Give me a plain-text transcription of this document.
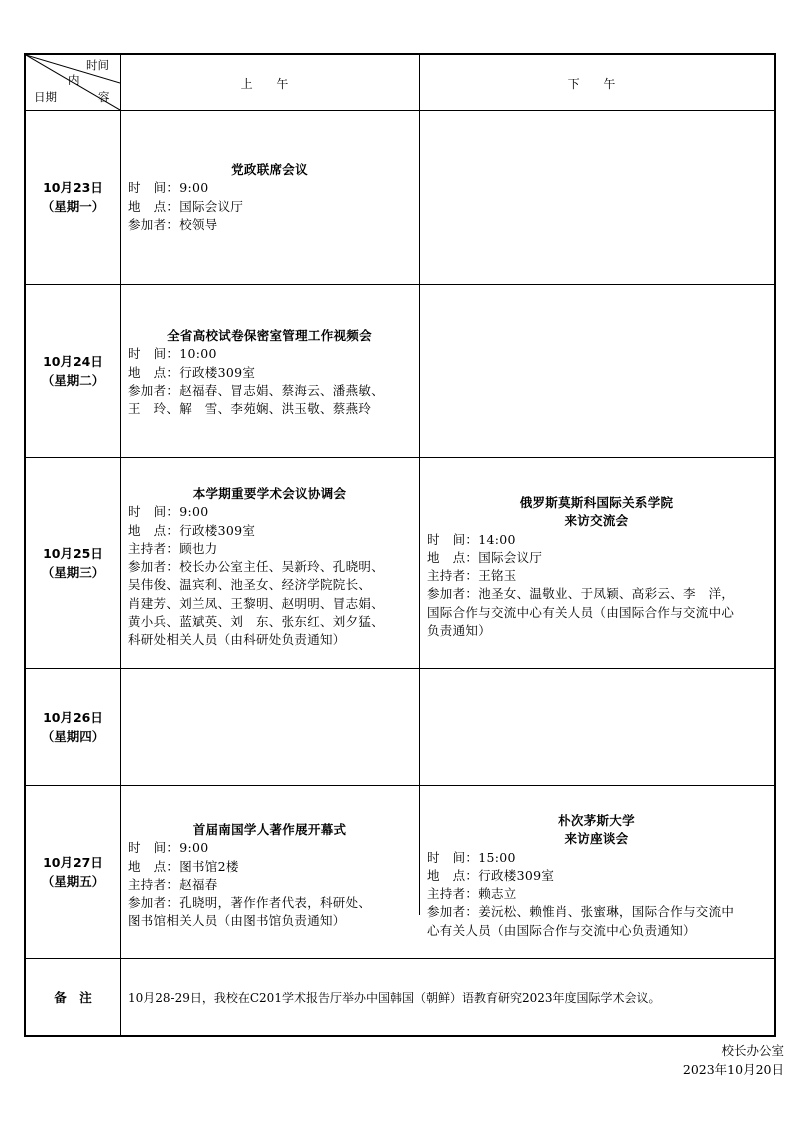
时间
内
容
日期
上 午	下 午
10月23日
（星期一）
党政联席会议
时　间：9:00
地　点：国际会议厅
参加者：校领导
10月24日
（星期二）
全省高校试卷保密室管理工作视频会
时　间：10:00
地　点：行政楼309室
参加者：赵福春、冒志娟、蔡海云、潘燕敏、
王　玲、解　雪、李苑娴、洪玉敬、蔡燕玲
10月25日
（星期三）
本学期重要学术会议协调会
时　间：9:00
地　点：行政楼309室
主持者：顾也力
参加者：校长办公室主任、吴新玲、孔晓明、
吴伟俊、温宾利、池圣女、经济学院院长、
肖建芳、刘兰凤、王黎明、赵明明、冒志娟、
黄小兵、蓝斌英、刘　东、张东红、刘夕猛、
科研处相关人员（由科研处负责通知）
俄罗斯莫斯科国际关系学院
来访交流会
时　间：14:00
地　点：国际会议厅
主持者：王铭玉
参加者：池圣女、温敬业、于凤颖、高彩云、李　洋，
国际合作与交流中心有关人员（由国际合作与交流中心
负责通知）
10月26日
（星期四）
10月27日
（星期五）
首届南国学人著作展开幕式
时　间：9:00
地　点：图书馆2楼
主持者：赵福春
参加者：孔晓明，著作作者代表，科研处、
图书馆相关人员（由图书馆负责通知）
朴次茅斯大学
来访座谈会
时　间：15:00
地　点：行政楼309室
主持者：赖志立
参加者：姜沅松、赖惟肖、张蜜琳，国际合作与交流中
心有关人员（由国际合作与交流中心负责通知）
备　注	10月28-29日，我校在C201学术报告厅举办中国韩国（朝鲜）语教育研究2023年度国际学术会议。
校长办公室
2023年10月20日
